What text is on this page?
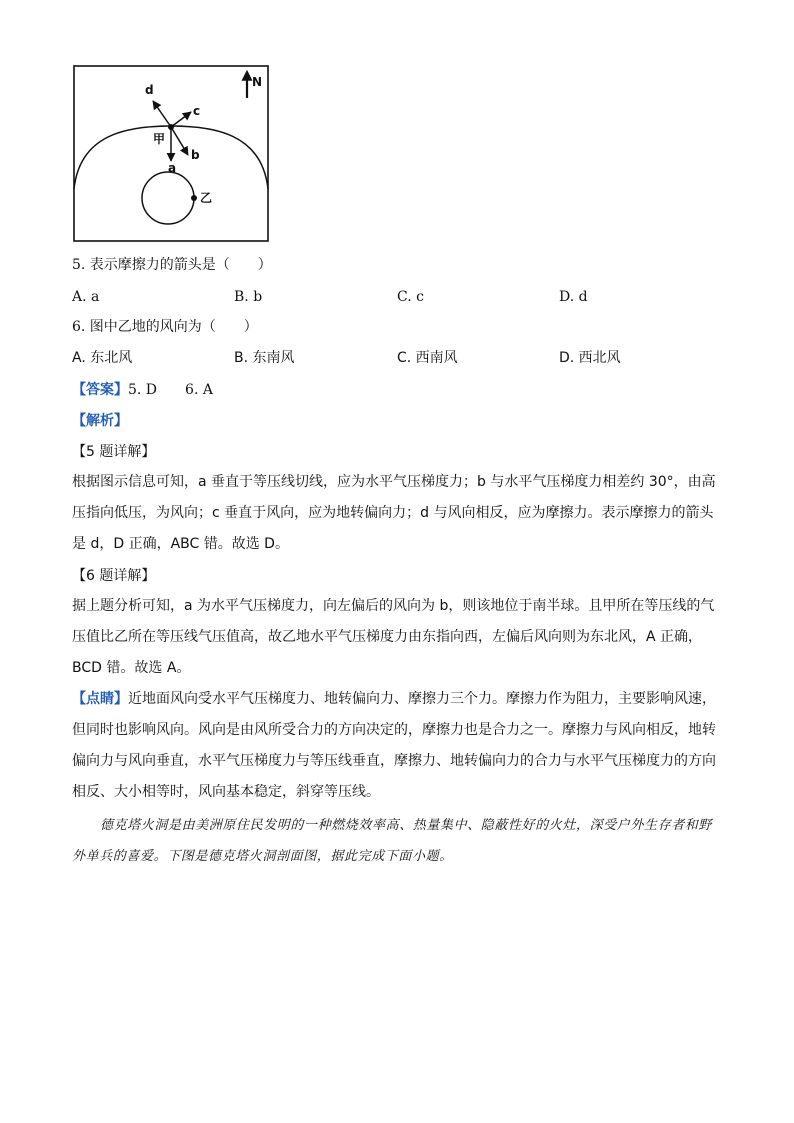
乙
甲
a
b
c
d
N
5. 表示摩擦力的箭头是（　　）
A. a	B. b	C. c	D. d
6. 图中乙地的风向为（　　）
A. 东北风	B. 东南风	C. 西南风	D. 西北风
【答案】5. D　　6. A
【解析】
【5 题详解】
根据图示信息可知，a 垂直于等压线切线，应为水平气压梯度力；b 与水平气压梯度力相差约 30°，由高压指向低压，为风向；c 垂直于风向，应为地转偏向力；d 与风向相反，应为摩擦力。表示摩擦力的箭头是 d，D 正确，ABC 错。故选 D。
【6 题详解】
据上题分析可知，a 为水平气压梯度力，向左偏后的风向为 b，则该地位于南半球。且甲所在等压线的气压值比乙所在等压线气压值高，故乙地水平气压梯度力由东指向西，左偏后风向则为东北风，A 正确，BCD 错。故选 A。
【点睛】近地面风向受水平气压梯度力、地转偏向力、摩擦力三个力。摩擦力作为阻力，主要影响风速，但同时也影响风向。风向是由风所受合力的方向决定的，摩擦力也是合力之一。摩擦力与风向相反，地转偏向力与风向垂直，水平气压梯度力与等压线垂直，摩擦力、地转偏向力的合力与水平气压梯度力的方向相反、大小相等时，风向基本稳定，斜穿等压线。
德克塔火洞是由美洲原住民发明的一种燃烧效率高、热量集中、隐蔽性好的火灶，深受户外生存者和野外单兵的喜爱。下图是德克塔火洞剖面图，据此完成下面小题。
